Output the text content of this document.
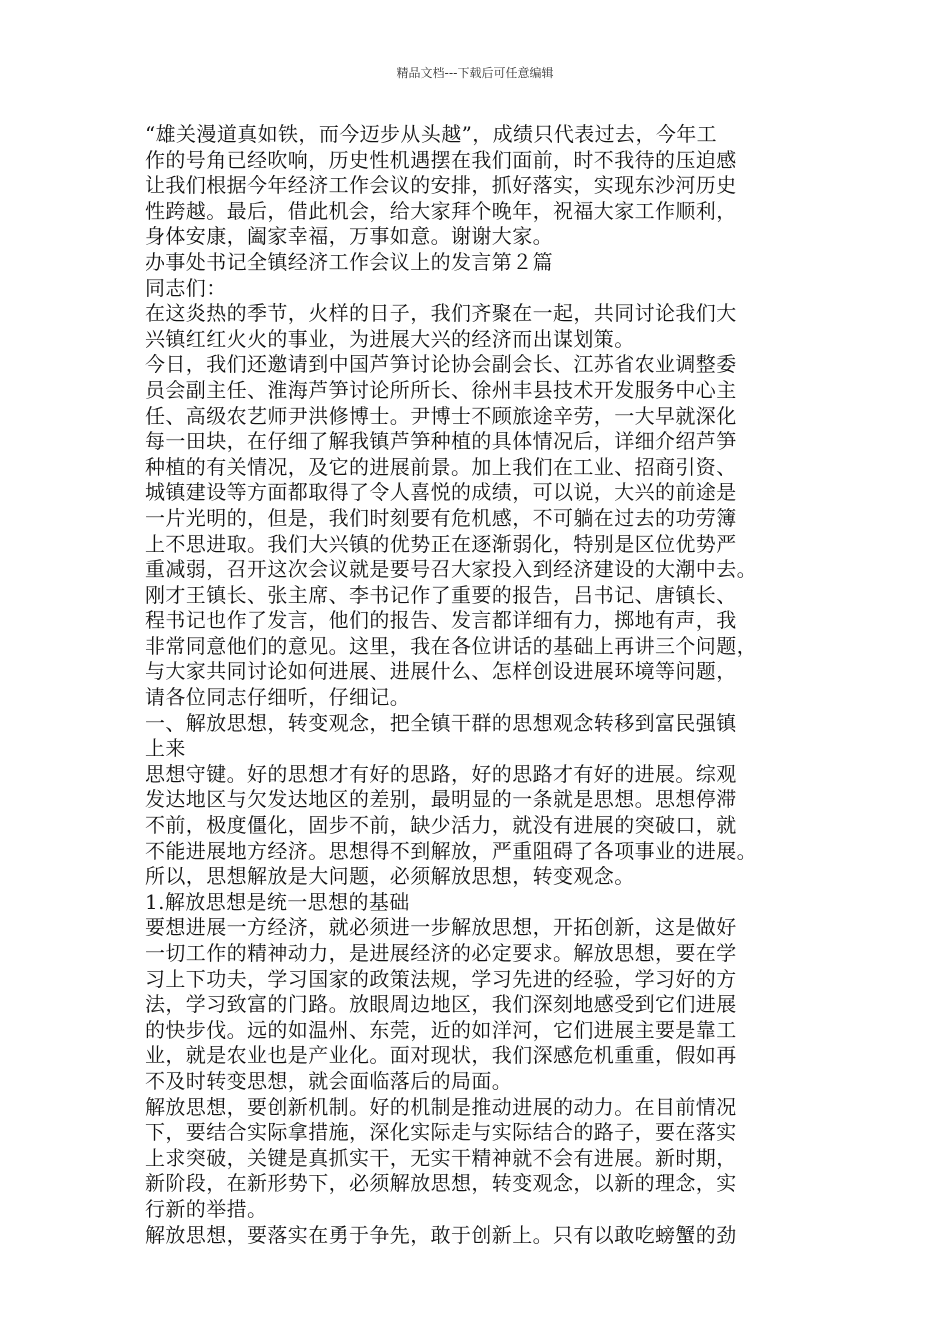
精品文档---下载后可任意编辑
“雄关漫道真如铁，而今迈步从头越”，成绩只代表过去，今年工
作的号角已经吹响，历史性机遇摆在我们面前，时不我待的压迫感
让我们根据今年经济工作会议的安排，抓好落实，实现东沙河历史
性跨越。最后，借此机会，给大家拜个晚年，祝福大家工作顺利，
身体安康，阖家幸福，万事如意。谢谢大家。
办事处书记全镇经济工作会议上的发言第２篇
同志们：
在这炎热的季节，火样的日子，我们齐聚在一起，共同讨论我们大
兴镇红红火火的事业，为进展大兴的经济而出谋划策。
今日，我们还邀请到中国芦笋讨论协会副会长、江苏省农业调整委
员会副主任、淮海芦笋讨论所所长、徐州丰县技术开发服务中心主
任、高级农艺师尹洪修博士。尹博士不顾旅途辛劳，一大早就深化
每一田块，在仔细了解我镇芦笋种植的具体情况后，详细介绍芦笋
种植的有关情况，及它的进展前景。加上我们在工业、招商引资、
城镇建设等方面都取得了令人喜悦的成绩，可以说，大兴的前途是
一片光明的，但是，我们时刻要有危机感，不可躺在过去的功劳簿
上不思进取。我们大兴镇的优势正在逐渐弱化，特别是区位优势严
重减弱，召开这次会议就是要号召大家投入到经济建设的大潮中去。
刚才王镇长、张主席、李书记作了重要的报告，吕书记、唐镇长、
程书记也作了发言，他们的报告、发言都详细有力，掷地有声，我
非常同意他们的意见。这里，我在各位讲话的基础上再讲三个问题，
与大家共同讨论如何进展、进展什么、怎样创设进展环境等问题，
请各位同志仔细听，仔细记。
一、解放思想，转变观念，把全镇干群的思想观念转移到富民强镇
上来
思想守键。好的思想才有好的思路，好的思路才有好的进展。综观
发达地区与欠发达地区的差别，最明显的一条就是思想。思想停滞
不前，极度僵化，固步不前，缺少活力，就没有进展的突破口，就
不能进展地方经济。思想得不到解放，严重阻碍了各项事业的进展。
所以，思想解放是大问题，必须解放思想，转变观念。
1.解放思想是统一思想的基础
要想进展一方经济，就必须进一步解放思想，开拓创新，这是做好
一切工作的精神动力，是进展经济的必定要求。解放思想，要在学
习上下功夫，学习国家的政策法规，学习先进的经验，学习好的方
法，学习致富的门路。放眼周边地区，我们深刻地感受到它们进展
的快步伐。远的如温州、东莞，近的如洋河，它们进展主要是靠工
业，就是农业也是产业化。面对现状，我们深感危机重重，假如再
不及时转变思想，就会面临落后的局面。
解放思想，要创新机制。好的机制是推动进展的动力。在目前情况
下，要结合实际拿措施，深化实际走与实际结合的路子，要在落实
上求突破，关键是真抓实干，无实干精神就不会有进展。新时期，
新阶段，在新形势下，必须解放思想，转变观念，以新的理念，实
行新的举措。
解放思想，要落实在勇于争先，敢于创新上。只有以敢吃螃蟹的劲
